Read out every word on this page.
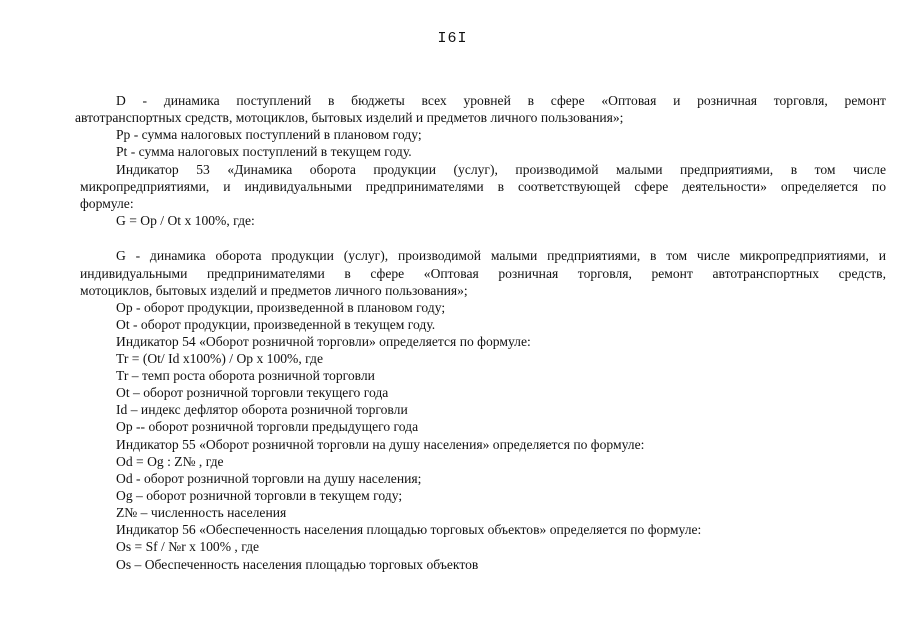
I6I
D - динамика поступлений в бюджеты всех уровней в сфере «Оптовая и розничная торговля, ремонт
автотранспортных средств, мотоциклов, бытовых изделий и предметов личного пользования»;
Pp - сумма налоговых поступлений в плановом году;
Pt - сумма налоговых поступлений в текущем году.
Индикатор 53 «Динамика оборота продукции (услуг), производимой малыми предприятиями, в том числе
микропредприятиями, и индивидуальными предпринимателями в соответствующей сфере деятельности» определяется по
формуле:
G = Op / Ot x 100%, где:
G - динамика оборота продукции (услуг), производимой малыми предприятиями, в том числе микропредприятиями, и
индивидуальными предпринимателями в сфере «Оптовая розничная торговля, ремонт автотранспортных средств,
мотоциклов, бытовых изделий и предметов личного пользования»;
Op - оборот продукции, произведенной в плановом году;
Ot - оборот продукции, произведенной в текущем году.
Индикатор 54 «Оборот розничной торговли» определяется по формуле:
Tr = (Ot/ Id x100%) / Op x 100%, где
Tr – темп роста оборота розничной торговли
Ot – оборот розничной торговли текущего года
Id – индекс дефлятор оборота розничной торговли
Op -- оборот розничной торговли предыдущего года
Индикатор 55 «Оборот розничной торговли на душу населения» определяется по формуле:
Od = Og : Z№ , где
Od - оборот розничной торговли на душу населения;
Og – оборот розничной торговли в текущем году;
Z№ – численность населения
Индикатор 56 «Обеспеченность населения площадью торговых объектов» определяется по формуле:
Os = Sf / №r x 100% , где
Os – Обеспеченность населения площадью торговых объектов
